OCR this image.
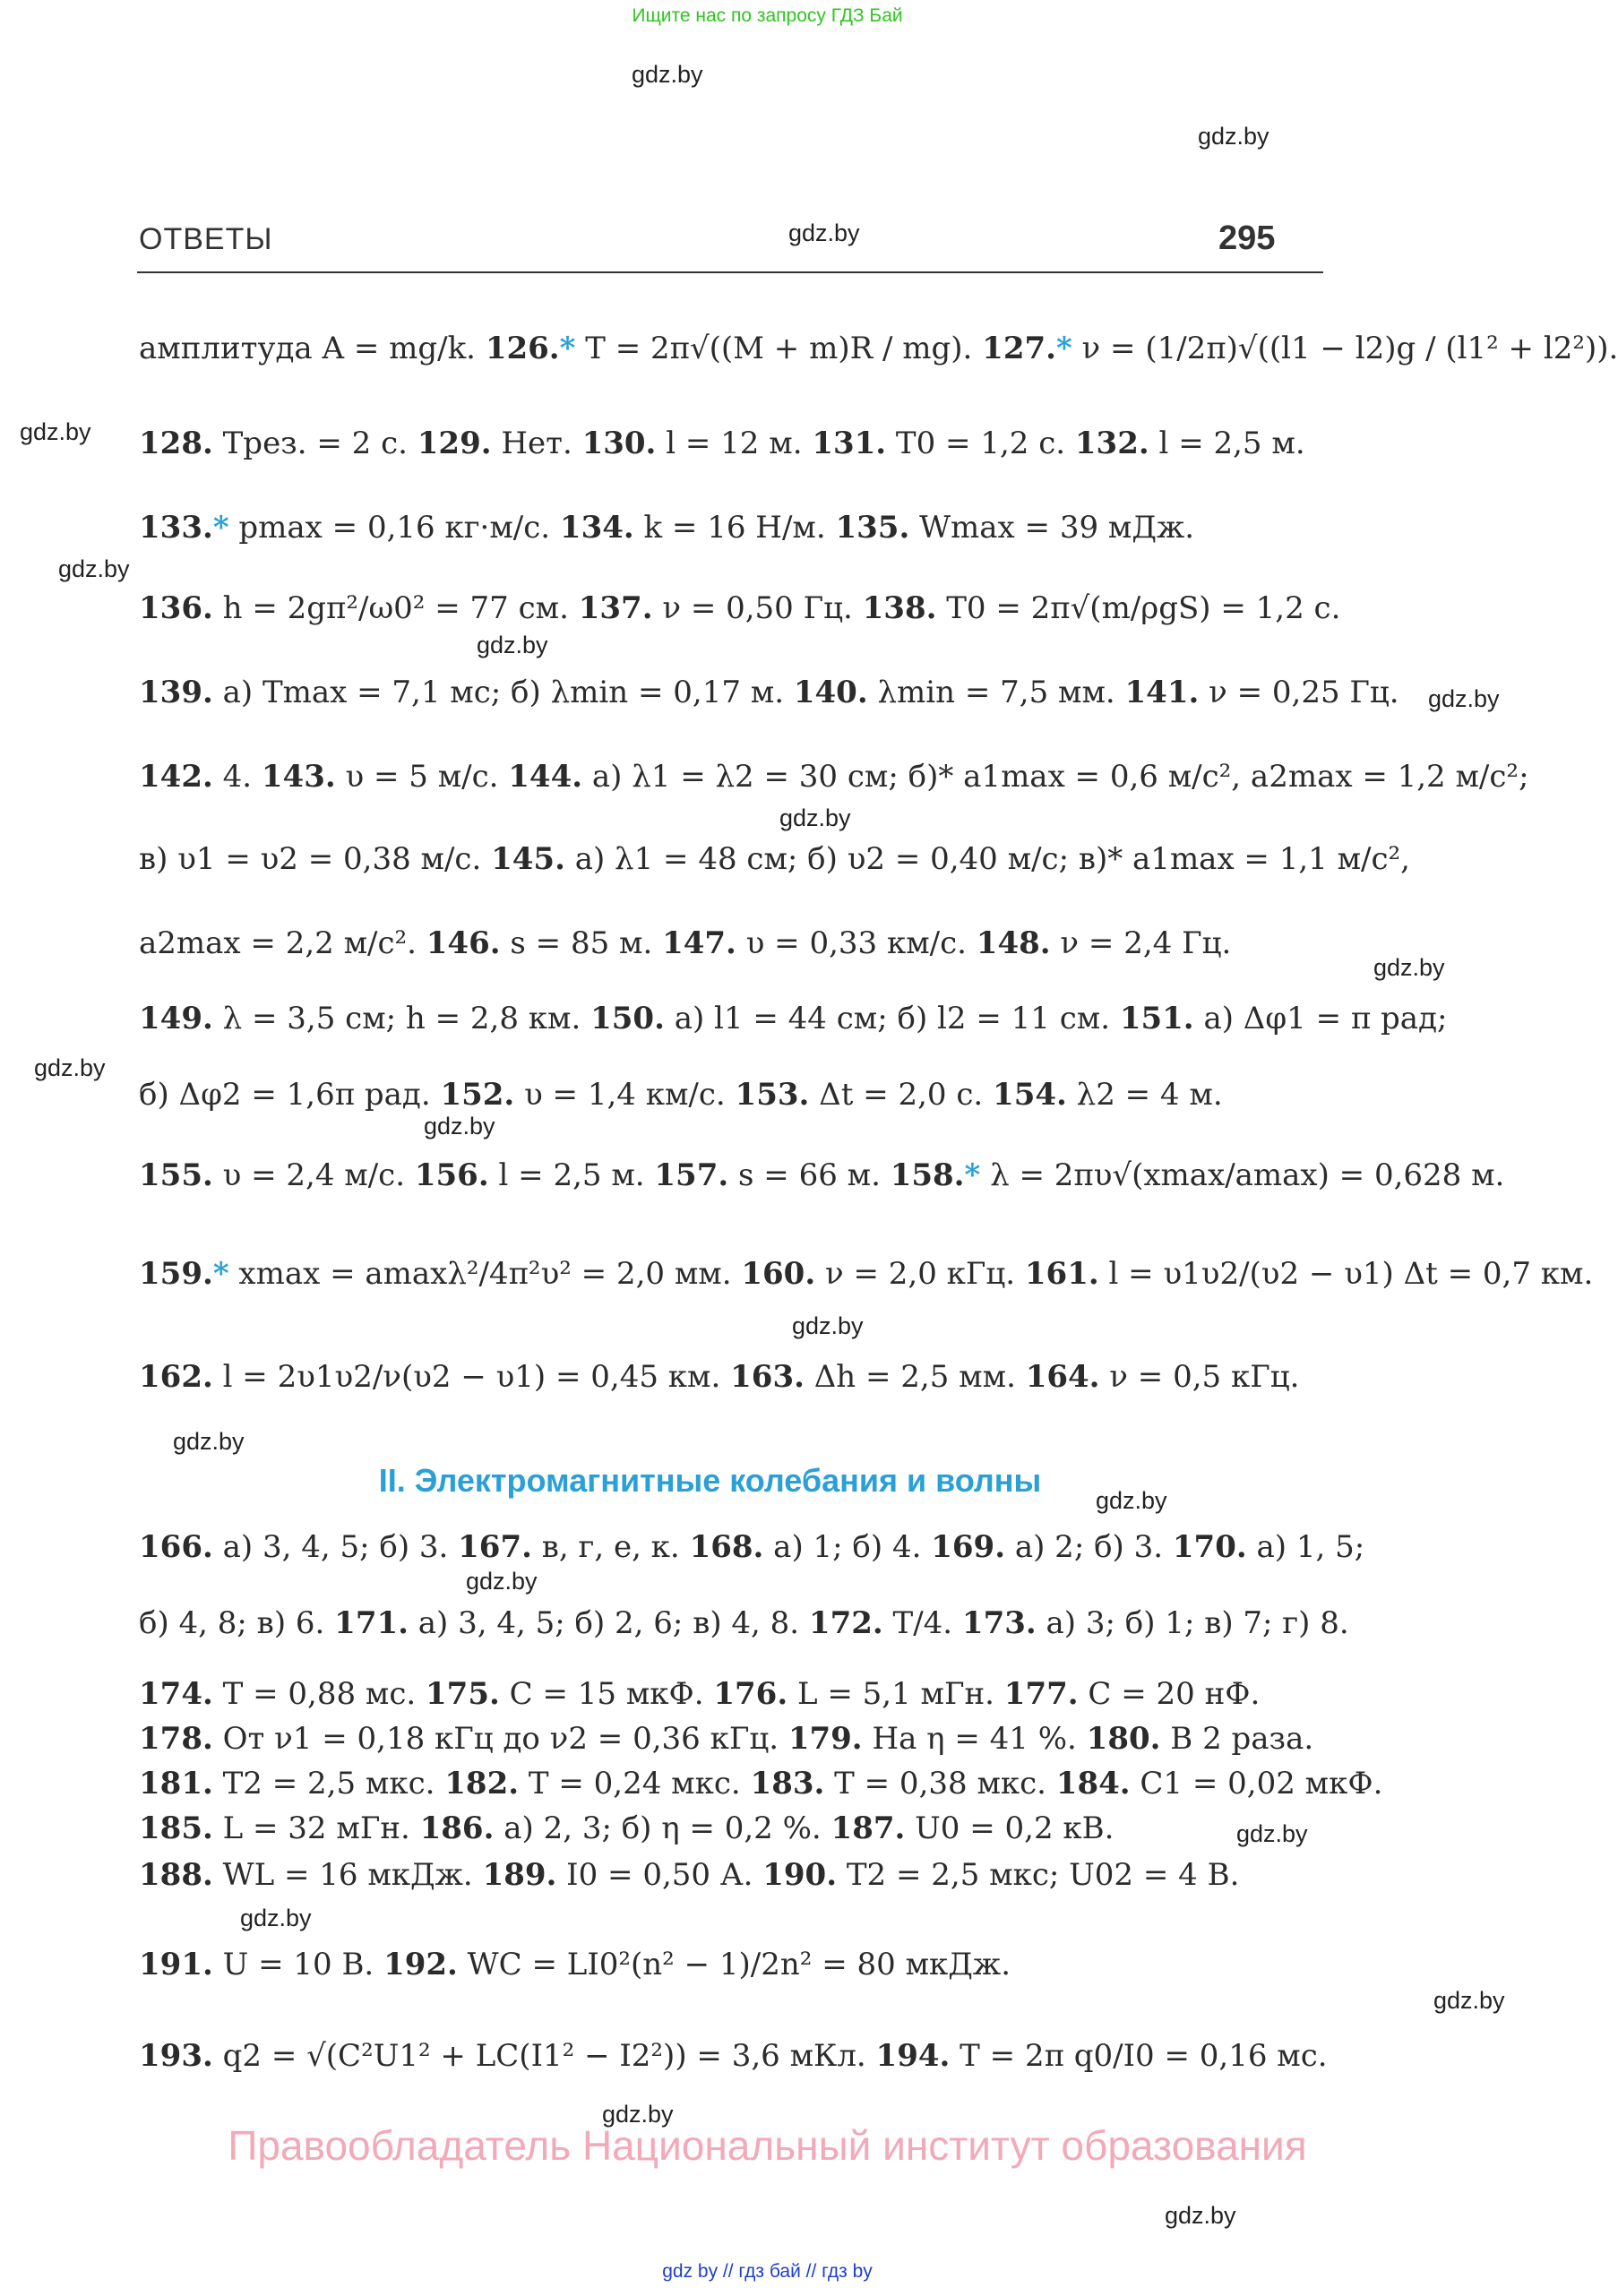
Ищите нас по запросу ГДЗ Бай
gdz.by
gdz.by
gdz.by
gdz.by
gdz.by
gdz.by
gdz.by
gdz.by
gdz.by
gdz.by
gdz.by
gdz.by
gdz.by
gdz.by
gdz.by
gdz.by
gdz.by
gdz.by
gdz.by
gdz.by
ОТВЕТЫ	295
амплитуда A = mg/k. 126.* T = 2π√((M + m)R / mg). 127.* ν = (1/2π)√((l1 − l2)g / (l1² + l2²)).
128. Tрез. = 2 с. 129. Нет. 130. l = 12 м. 131. T0 = 1,2 с. 132. l = 2,5 м.
133.* pmax = 0,16 кг·м/с. 134. k = 16 Н/м. 135. Wmax = 39 мДж.
136. h = 2gπ²/ω0² = 77 см. 137. ν = 0,50 Гц. 138. T0 = 2π√(m/ρgS) = 1,2 с.
139. а) Tmax = 7,1 мс; б) λmin = 0,17 м. 140. λmin = 7,5 мм. 141. ν = 0,25 Гц.
142. 4. 143. υ = 5 м/с. 144. а) λ1 = λ2 = 30 см; б)* a1max = 0,6 м/с², a2max = 1,2 м/с²;
в) υ1 = υ2 = 0,38 м/с. 145. а) λ1 = 48 см; б) υ2 = 0,40 м/с; в)* a1max = 1,1 м/с²,
a2max = 2,2 м/с². 146. s = 85 м. 147. υ = 0,33 км/с. 148. ν = 2,4 Гц.
149. λ = 3,5 см; h = 2,8 км. 150. а) l1 = 44 см; б) l2 = 11 см. 151. а) Δφ1 = π рад;
б) Δφ2 = 1,6π рад. 152. υ = 1,4 км/с. 153. Δt = 2,0 с. 154. λ2 = 4 м.
155. υ = 2,4 м/с. 156. l = 2,5 м. 157. s = 66 м. 158.* λ = 2πυ√(xmax/amax) = 0,628 м.
159.* xmax = amaxλ²/4π²υ² = 2,0 мм. 160. ν = 2,0 кГц. 161. l = υ1υ2/(υ2 − υ1) Δt = 0,7 км.
162. l = 2υ1υ2/ν(υ2 − υ1) = 0,45 км. 163. Δh = 2,5 мм. 164. ν = 0,5 кГц.
II. Электромагнитные колебания и волны
166. а) 3, 4, 5; б) 3. 167. в, г, е, к. 168. а) 1; б) 4. 169. а) 2; б) 3. 170. а) 1, 5;
б) 4, 8; в) 6. 171. а) 3, 4, 5; б) 2, 6; в) 4, 8. 172. T/4. 173. а) 3; б) 1; в) 7; г) 8.
174. T = 0,88 мс. 175. C = 15 мкФ. 176. L = 5,1 мГн. 177. C = 20 нФ.
178. От ν1 = 0,18 кГц до ν2 = 0,36 кГц. 179. На η = 41 %. 180. В 2 раза.
181. T2 = 2,5 мкс. 182. T = 0,24 мкс. 183. T = 0,38 мкс. 184. C1 = 0,02 мкФ.
185. L = 32 мГн. 186. а) 2, 3; б) η = 0,2 %. 187. U0 = 0,2 кВ.
188. WL = 16 мкДж. 189. I0 = 0,50 А. 190. T2 = 2,5 мкс; U02 = 4 В.
191. U = 10 В. 192. WC = LI0²(n² − 1)/2n² = 80 мкДж.
193. q2 = √(C²U1² + LC(I1² − I2²)) = 3,6 мКл. 194. T = 2π q0/I0 = 0,16 мс.
Правообладатель Национальный институт образования
gdz by // гдз бай // гдз by
